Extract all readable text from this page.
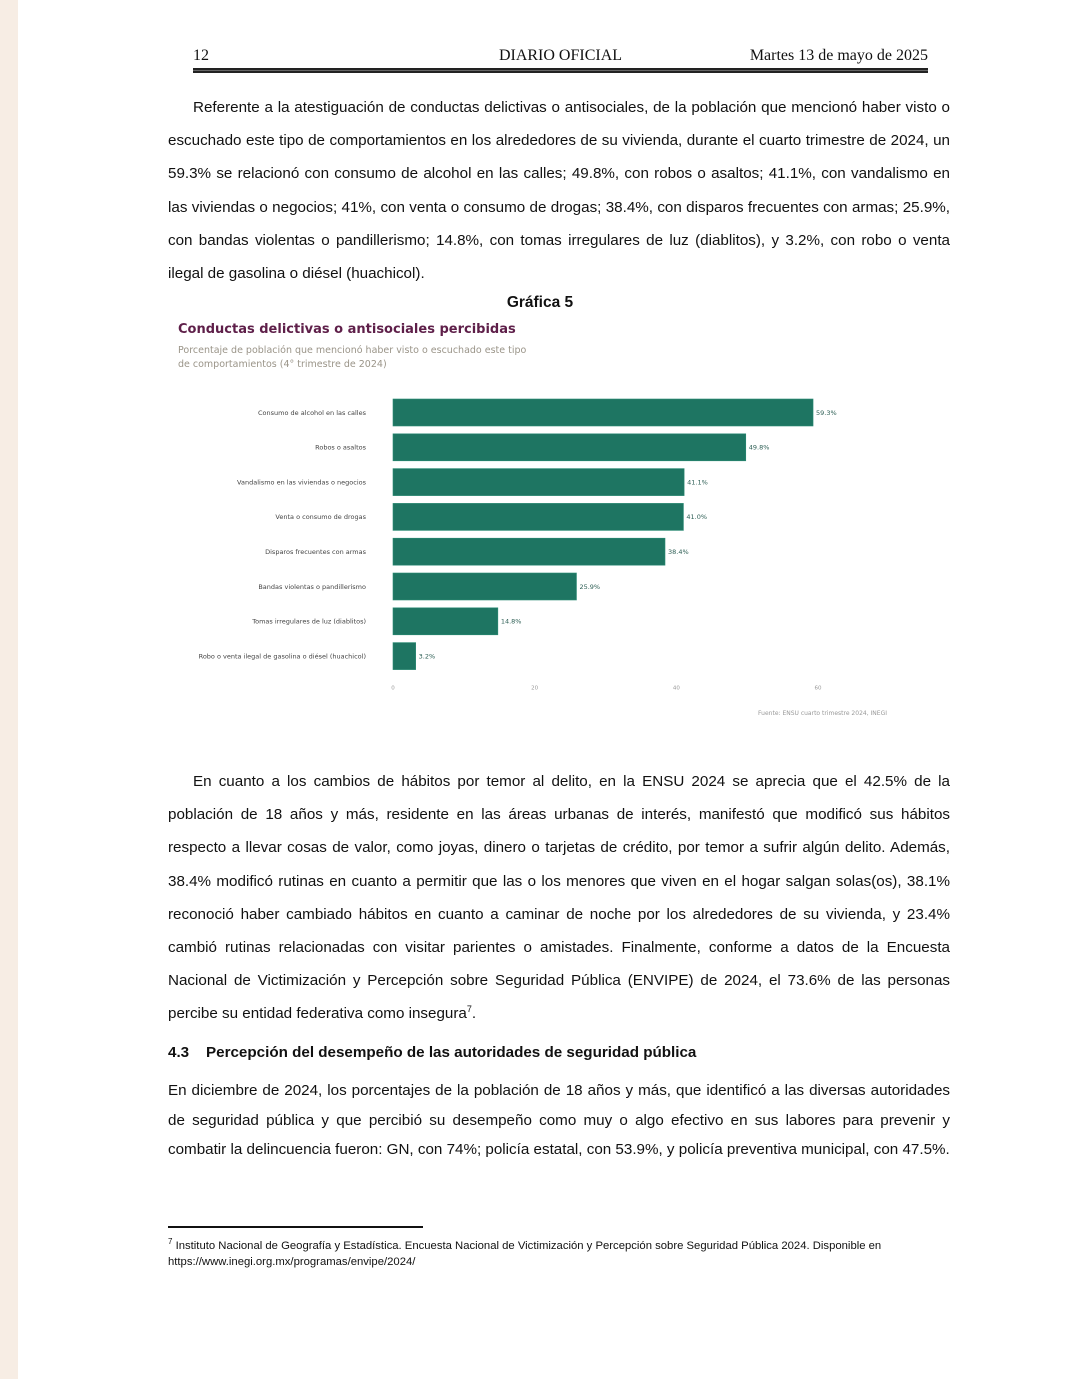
12	DIARIO OFICIAL	Martes 13 de mayo de 2025

Referente a la atestiguación de conductas delictivas o antisociales, de la población que mencionó haber visto o escuchado este tipo de comportamientos en los alrededores de su vivienda, durante el cuarto trimestre de 2024, un 59.3% se relacionó con consumo de alcohol en las calles; 49.8%, con robos o asaltos; 41.1%, con vandalismo en las viviendas o negocios; 41%, con venta o consumo de drogas; 38.4%, con disparos frecuentes con armas; 25.9%, con bandas violentas o pandillerismo; 14.8%, con tomas irregulares de luz (diablitos), y 3.2%, con robo o venta ilegal de gasolina o diésel (huachicol).

Gráfica 5
Conductas delictivas o antisociales percibidas
Porcentaje de población que mencionó haber visto o escuchado este tipo de comportamientos (4° trimestre de 2024)
Consumo de alcohol en las calles	59.3%
Robos o asaltos	49.8%
Vandalismo en las viviendas o negocios	41.1%
Venta o consumo de drogas	41.0%
Disparos frecuentes con armas	38.4%
Bandas violentas o pandillerismo	25.9%
Tomas irregulares de luz (diablitos)	14.8%
Robo o venta ilegal de gasolina o diésel (huachicol)	3.2%
0	20	40	60
Fuente: ENSU cuarto trimestre 2024, INEGI

En cuanto a los cambios de hábitos por temor al delito, en la ENSU 2024 se aprecia que el 42.5% de la población de 18 años y más, residente en las áreas urbanas de interés, manifestó que modificó sus hábitos respecto a llevar cosas de valor, como joyas, dinero o tarjetas de crédito, por temor a sufrir algún delito. Además, 38.4% modificó rutinas en cuanto a permitir que las o los menores que viven en el hogar salgan solas(os), 38.1% reconoció haber cambiado hábitos en cuanto a caminar de noche por los alrededores de su vivienda, y 23.4% cambió rutinas relacionadas con visitar parientes o amistades. Finalmente, conforme a datos de la Encuesta Nacional de Victimización y Percepción sobre Seguridad Pública (ENVIPE) de 2024, el 73.6% de las personas percibe su entidad federativa como insegura$^7$.

4.3 Percepción del desempeño de las autoridades de seguridad pública

En diciembre de 2024, los porcentajes de la población de 18 años y más, que identificó a las diversas autoridades de seguridad pública y que percibió su desempeño como muy o algo efectivo en sus labores para prevenir y combatir la delincuencia fueron: GN, con 74%; policía estatal, con 53.9%, y policía preventiva municipal, con 47.5%.

$^7$ Instituto Nacional de Geografía y Estadística. Encuesta Nacional de Victimización y Percepción sobre Seguridad Pública 2024. Disponible en https://www.inegi.org.mx/programas/envipe/2024/
